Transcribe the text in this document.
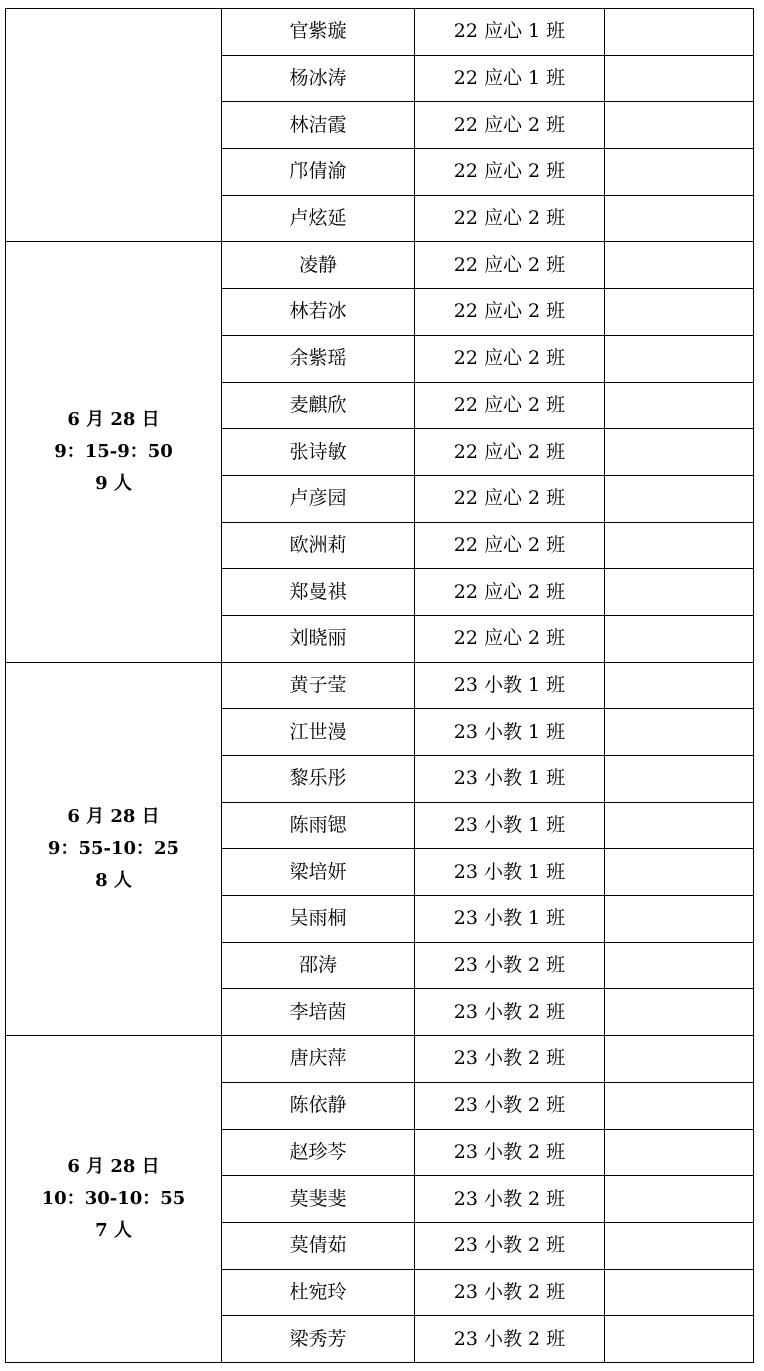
	官紫璇	22 应心 1 班	
	杨冰涛	22 应心 1 班	
	林洁霞	22 应心 2 班	
	邝倩渝	22 应心 2 班	
	卢炫延	22 应心 2 班	

6 月 28 日
9：15-9：50
9 人	凌静	22 应心 2 班	
	林若冰	22 应心 2 班	
	余紫瑶	22 应心 2 班	
	麦麒欣	22 应心 2 班	
	张诗敏	22 应心 2 班	
	卢彦园	22 应心 2 班	
	欧洲莉	22 应心 2 班	
	郑曼祺	22 应心 2 班	
	刘晓丽	22 应心 2 班	

6 月 28 日
9：55-10：25
8 人	黄子莹	23 小教 1 班	
	江世漫	23 小教 1 班	
	黎乐彤	23 小教 1 班	
	陈雨锶	23 小教 1 班	
	梁培妍	23 小教 1 班	
	吴雨桐	23 小教 1 班	
	邵涛	23 小教 2 班	
	李培茵	23 小教 2 班	

6 月 28 日
10：30-10：55
7 人	唐庆萍	23 小教 2 班	
	陈依静	23 小教 2 班	
	赵珍芩	23 小教 2 班	
	莫斐斐	23 小教 2 班	
	莫倩茹	23 小教 2 班	
	杜宛玲	23 小教 2 班	
	梁秀芳	23 小教 2 班	
